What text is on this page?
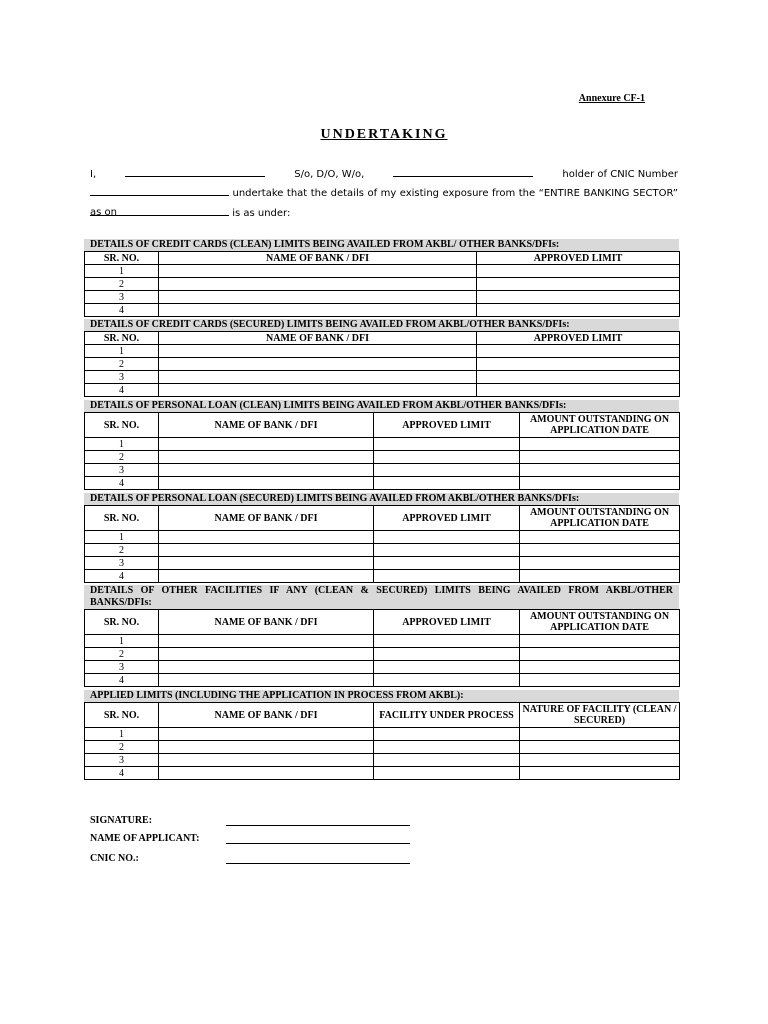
Annexure CF-1
UNDERTAKING
I,	S/o, D/O, W/o,	holder of CNIC Number
undertake that the details of my existing exposure from the “ENTIRE BANKING SECTOR” as on	is as under:
DETAILS OF CREDIT CARDS (CLEAN) LIMITS BEING AVAILED FROM AKBL/ OTHER BANKS/DFIs:
SR. NO.	NAME OF BANK / DFI	APPROVED LIMIT
1		
2		
3		
4		
DETAILS OF CREDIT CARDS (SECURED) LIMITS BEING AVAILED FROM AKBL/OTHER BANKS/DFIs:
SR. NO.	NAME OF BANK / DFI	APPROVED LIMIT
1		
2		
3		
4		
DETAILS OF PERSONAL LOAN (CLEAN) LIMITS BEING AVAILED FROM AKBL/OTHER BANKS/DFIs:
SR. NO.	NAME OF BANK / DFI	APPROVED LIMIT	AMOUNT OUTSTANDING ON APPLICATION DATE
1			
2			
3			
4			
DETAILS OF PERSONAL LOAN (SECURED) LIMITS BEING AVAILED FROM AKBL/OTHER BANKS/DFIs:
SR. NO.	NAME OF BANK / DFI	APPROVED LIMIT	AMOUNT OUTSTANDING ON APPLICATION DATE
1			
2			
3			
4			
DETAILS OF OTHER FACILITIES IF ANY (CLEAN & SECURED) LIMITS BEING AVAILED FROM AKBL/OTHER BANKS/DFIs:
SR. NO.	NAME OF BANK / DFI	APPROVED LIMIT	AMOUNT OUTSTANDING ON APPLICATION DATE
1			
2			
3			
4			
APPLIED LIMITS (INCLUDING THE APPLICATION IN PROCESS FROM AKBL):
SR. NO.	NAME OF BANK / DFI	FACILITY UNDER PROCESS	NATURE OF FACILITY (CLEAN / SECURED)
1			
2			
3			
4			
SIGNATURE:
NAME OF APPLICANT:
CNIC NO.:
